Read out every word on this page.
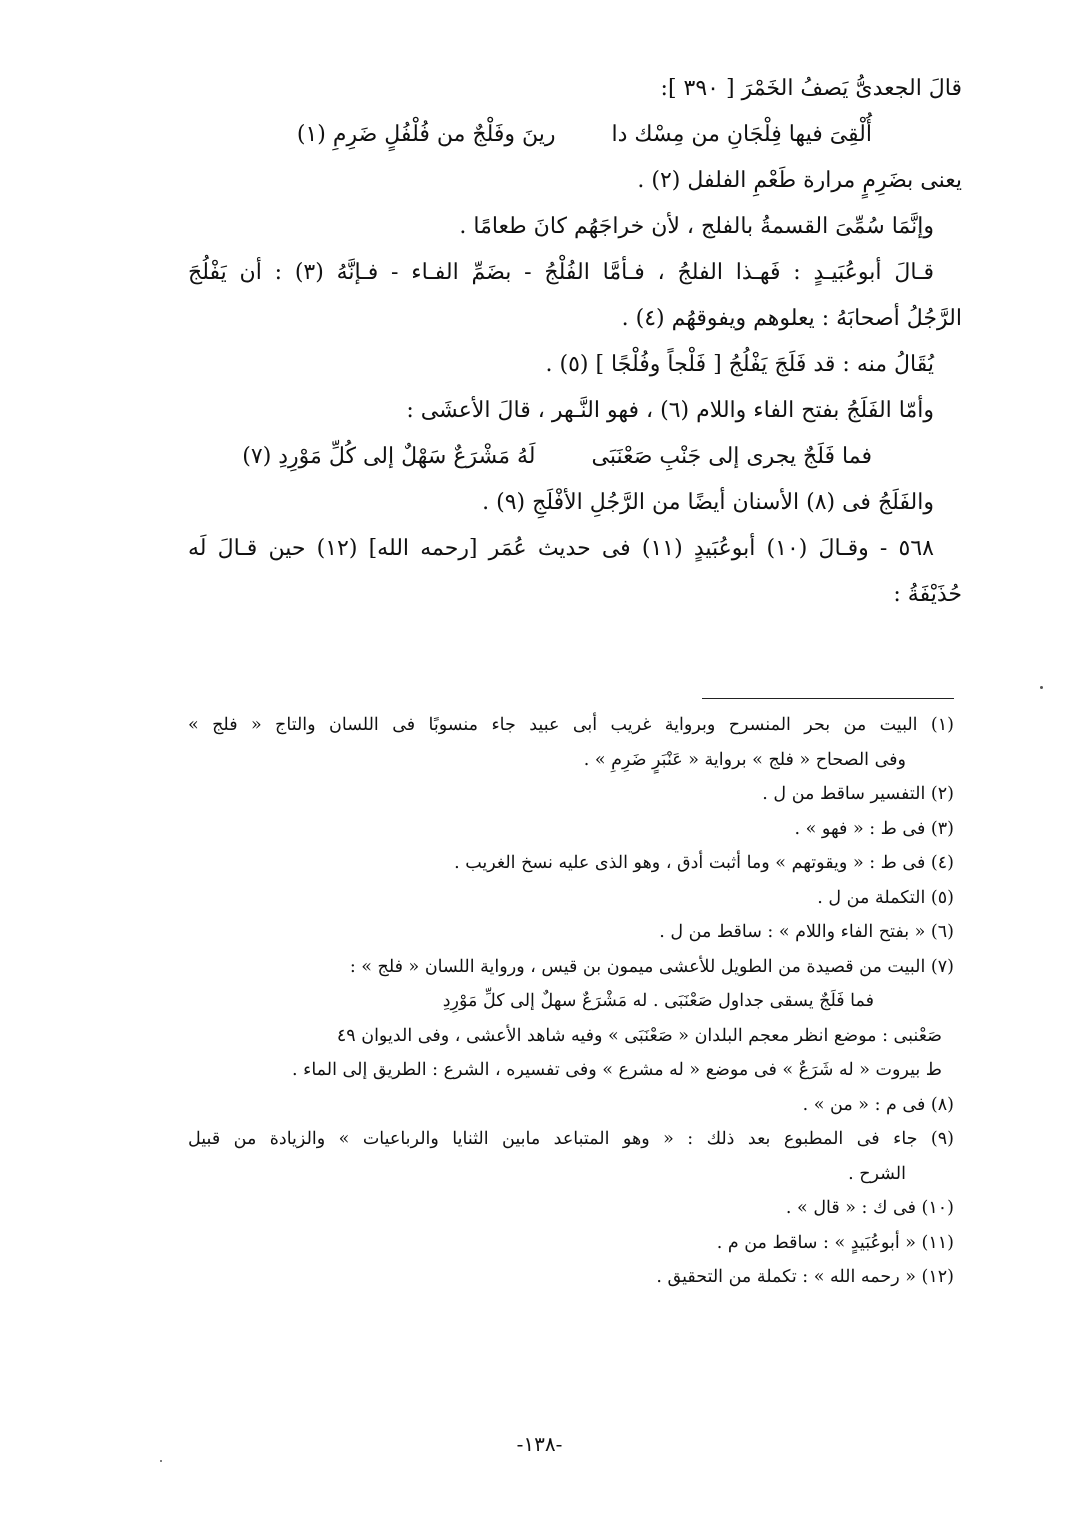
قالَ الجعدىُّ يَصفُ الخَمْرَ [ ٣٩٠ ]:
أُلْقِىَ فيها فِلْجَانِ من مِسْك دا
رينَ وفَلْجٌ من فُلْفُلٍ ضَرِمِ (١)
يعنى بضَرِمٍ مرارة طَعْمِ الفلفل (٢) .
وإنَّمَا سُمِّىَ القسمةُ بالفلج ، لأن خراجَهُم كانَ طعامًا .
قـالَ أبوعُبَيـدٍ : فَهـذا الفلجُ ، فـأمَّا الفُلْجُ - بضَمِّ الفـاء - فـإنَّهُ (٣) : أن يَفْلُجَ
الرَّجُلُ أصحابَهُ : يعلوهم ويفوقهُم (٤) .
يُقَالُ منه : قد فَلَجَ يَفْلُجُ [ فَلْجاً وفُلْجًا ] (٥) .
وأمّا الفَلَجُ بفتح الفاء واللام (٦) ، فهو النَّـهر ، قالَ الأعشَى :
فما فَلَجٌ يجرى إلى جَنْبِ صَعْنَبَى
لَهُ مَشْرَعٌ سَهْلٌ إلى كُلِّ مَوْرِدِ (٧)
والفَلَجُ فى (٨) الأسنان أيضًا من الرَّجُلِ الأفْلَجِ (٩) .
٥٦٨ - وقـالَ (١٠) أبوعُبَيدٍ (١١) فى حديث عُمَر [رحمه الله] (١٢) حين قـالَ لَه
حُذَيْفَةُ :
(١) البيت من بحر المنسرح وبرواية غريب أبى عبيد جاء منسوبًا فى اللسان والتاج « فلج »
وفى الصحاح « فلج » برواية « عَنْبَرٍ ضَرِمِ » .
(٢) التفسير ساقط من ل .
(٣) فى ط : « فهو » .
(٤) فى ط : « ويقوتهم » وما أثبت أدق ، وهو الذى عليه نسخ الغريب .
(٥) التكملة من ل .
(٦) « بفتح الفاء واللام » : ساقط من ل .
(٧) البيت من قصيدة من الطويل للأعشى ميمون بن قيس ، ورواية اللسان « فلج » :
فما فَلَجٌ يسقى جداول صَعْنَبَى . له مَشْرَعٌ سهلٌ إلى كلِّ مَوْرِدِ
صَعْنبى : موضع انظر معجم البلدان « صَعْنَبَى » وفيه شاهد الأعشى ، وفى الديوان ٤٩
ط بيروت « له شَرَعٌ » فى موضع « له مشرع » وفى تفسيره ، الشرع : الطريق إلى الماء .
(٨) فى م : « من » .
(٩) جاء فى المطبوع بعد ذلك : « وهو المتباعد مابين الثنايا والرباعيات » والزيادة من قبيل
الشرح .
(١٠) فى ك : « قال » .
(١١) « أبوعُبَيدٍ » : ساقط من م .
(١٢) « رحمه الله » : تكملة من التحقيق .
-١٣٨-
